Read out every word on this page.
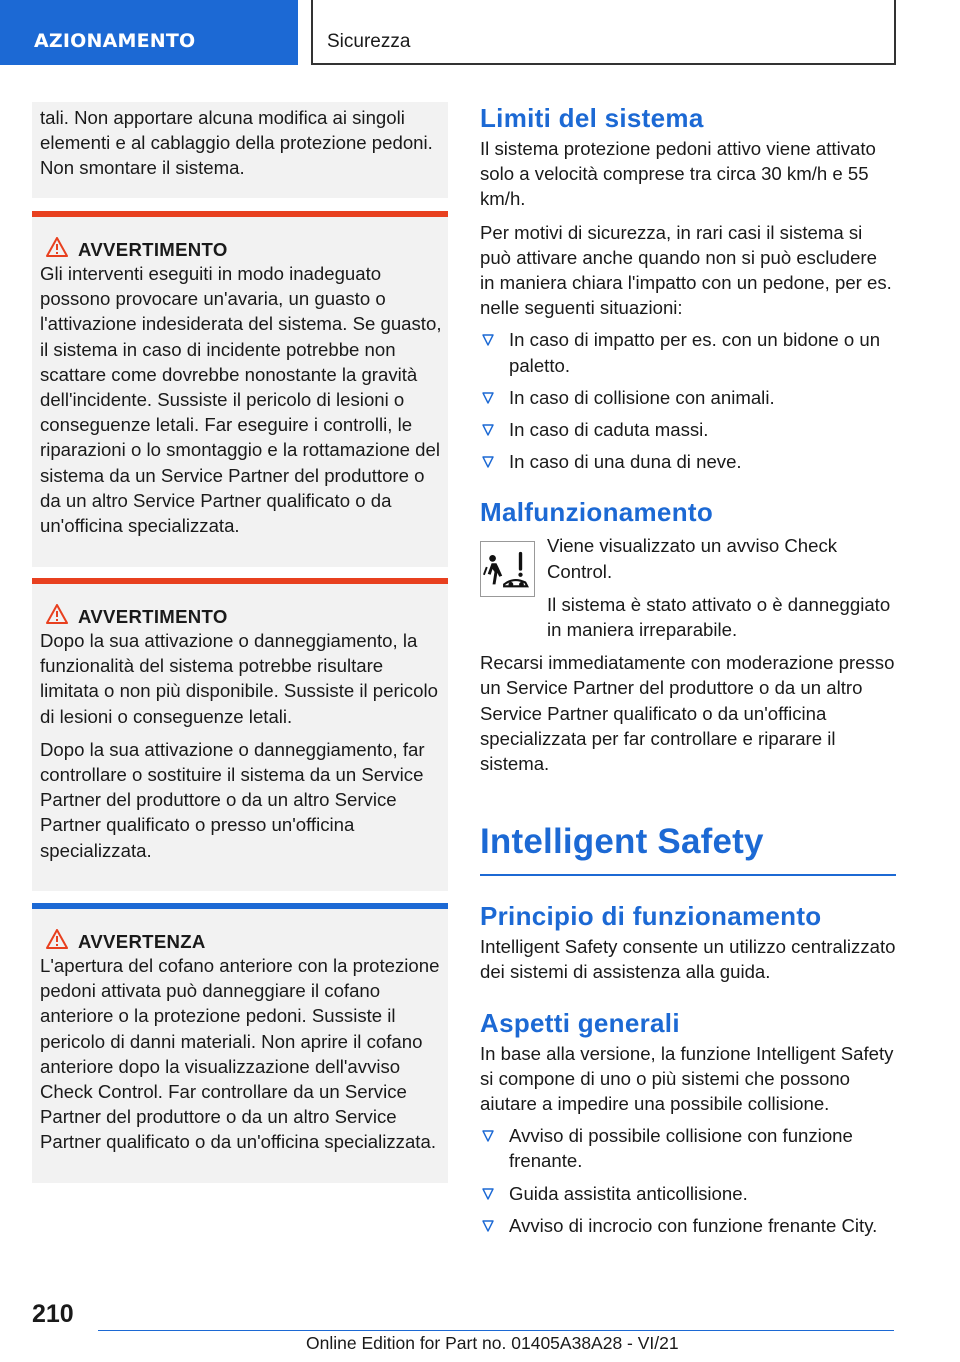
AZIONAMENTO	Sicurezza
tali. Non apportare alcuna modifica ai singoli elementi e al cablaggio della protezione pedoni. Non smontare il sistema.
AVVERTIMENTO
Gli interventi eseguiti in modo inadeguato possono provocare un'avaria, un guasto o l'attivazione indesiderata del sistema. Se guasto, il sistema in caso di incidente potrebbe non scattare come dovrebbe nonostante la gravità dell'incidente. Sussiste il pericolo di lesioni o conseguenze letali. Far eseguire i controlli, le riparazioni o lo smontaggio e la rottamazione del sistema da un Service Partner del produttore o da un altro Service Partner qualificato o da un'officina specializzata.
AVVERTIMENTO
Dopo la sua attivazione o danneggiamento, la funzionalità del sistema potrebbe risultare limitata o non più disponibile. Sussiste il pericolo di lesioni o conseguenze letali.
Dopo la sua attivazione o danneggiamento, far controllare o sostituire il sistema da un Service Partner del produttore o da un altro Service Partner qualificato o presso un'officina specializzata.
AVVERTENZA
L'apertura del cofano anteriore con la protezione pedoni attivata può danneggiare il cofano anteriore o la protezione pedoni. Sussiste il pericolo di danni materiali. Non aprire il cofano anteriore dopo la visualizzazione dell'avviso Check Control. Far controllare da un Service Partner del produttore o da un altro Service Partner qualificato o da un'officina specializzata.
Limiti del sistema
Il sistema protezione pedoni attivo viene attivato solo a velocità comprese tra circa 30 km/h e 55 km/h.
Per motivi di sicurezza, in rari casi il sistema si può attivare anche quando non si può escludere in maniera chiara l'impatto con un pedone, per es. nelle seguenti situazioni:
In caso di impatto per es. con un bidone o un paletto.
In caso di collisione con animali.
In caso di caduta massi.
In caso di una duna di neve.
Malfunzionamento
Viene visualizzato un avviso Check Control.
Il sistema è stato attivato o è danneggiato in maniera irreparabile.
Recarsi immediatamente con moderazione presso un Service Partner del produttore o da un altro Service Partner qualificato o da un'officina specializzata per far controllare e riparare il sistema.
Intelligent Safety
Principio di funzionamento
Intelligent Safety consente un utilizzo centralizzato dei sistemi di assistenza alla guida.
Aspetti generali
In base alla versione, la funzione Intelligent Safety si compone di uno o più sistemi che possono aiutare a impedire una possibile collisione.
Avviso di possibile collisione con funzione frenante.
Guida assistita anticollisione.
Avviso di incrocio con funzione frenante City.
210
Online Edition for Part no. 01405A38A28 - VI/21
